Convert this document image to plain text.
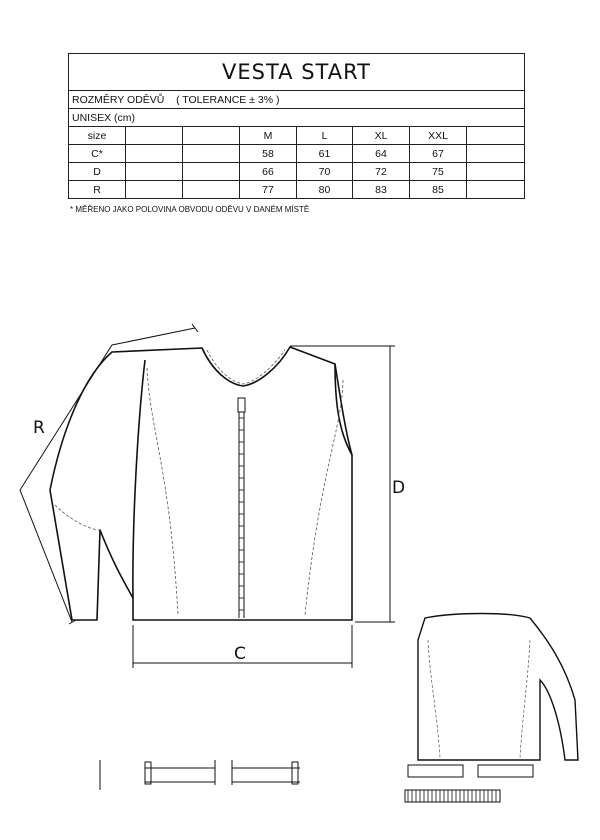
VESTA START							
ROZMĚRY ODĚVŮ ( TOLERANCE ± 3% )							
UNISEX (cm)							
size			M	L	XL	XXL	
C*			58	61	64	67	
D			66	70	72	75	
R			77	80	83	85	
* MĚŘENO JAKO POLOVINA OBVODU ODĚVU V DANÉM MÍSTĚ
R
D
C
